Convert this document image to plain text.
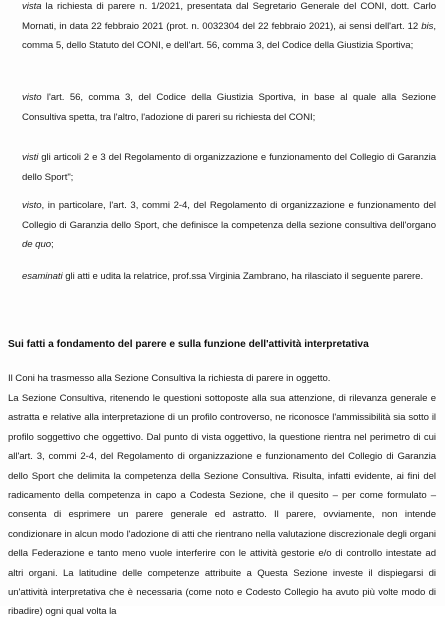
vista la richiesta di parere n. 1/2021, presentata dal Segretario Generale del CONI, dott. Carlo Mornati, in data 22 febbraio 2021 (prot. n. 0032304 del 22 febbraio 2021), ai sensi dell'art. 12 bis, comma 5, dello Statuto del CONI, e dell'art. 56, comma 3, del Codice della Giustizia Sportiva;

visto l'art. 56, comma 3, del Codice della Giustizia Sportiva, in base al quale alla Sezione Consultiva spetta, tra l'altro, l'adozione di pareri su richiesta del CONI;

visti gli articoli 2 e 3 del Regolamento di organizzazione e funzionamento del Collegio di Garanzia dello Sport";

visto, in particolare, l'art. 3, commi 2-4, del Regolamento di organizzazione e funzionamento del Collegio di Garanzia dello Sport, che definisce la competenza della sezione consultiva dell'organo de quo;

esaminati gli atti e udita la relatrice, prof.ssa Virginia Zambrano, ha rilasciato il seguente parere.

Sui fatti a fondamento del parere e sulla funzione dell'attività interpretativa

Il Coni ha trasmesso alla Sezione Consultiva la richiesta di parere in oggetto.

La Sezione Consultiva, ritenendo le questioni sottoposte alla sua attenzione, di rilevanza generale e astratta e relative alla interpretazione di un profilo controverso, ne riconosce l'ammissibilità sia sotto il profilo soggettivo che oggettivo. Dal punto di vista oggettivo, la questione rientra nel perimetro di cui all'art. 3, commi 2-4, del Regolamento di organizzazione e funzionamento del Collegio di Garanzia dello Sport che delimita la competenza della Sezione Consultiva. Risulta, infatti evidente, ai fini del radicamento della competenza in capo a Codesta Sezione, che il quesito – per come formulato – consenta di esprimere un parere generale ed astratto. Il parere, ovviamente, non intende condizionare in alcun modo l'adozione di atti che rientrano nella valutazione discrezionale degli organi della Federazione e tanto meno vuole interferire con le attività gestorie e/o di controllo intestate ad altri organi. La latitudine delle competenze attribuite a Questa Sezione investe il dispiegarsi di un'attività interpretativa che è necessaria (come noto e Codesto Collegio ha avuto più volte modo di ribadire) ogni qual volta la
